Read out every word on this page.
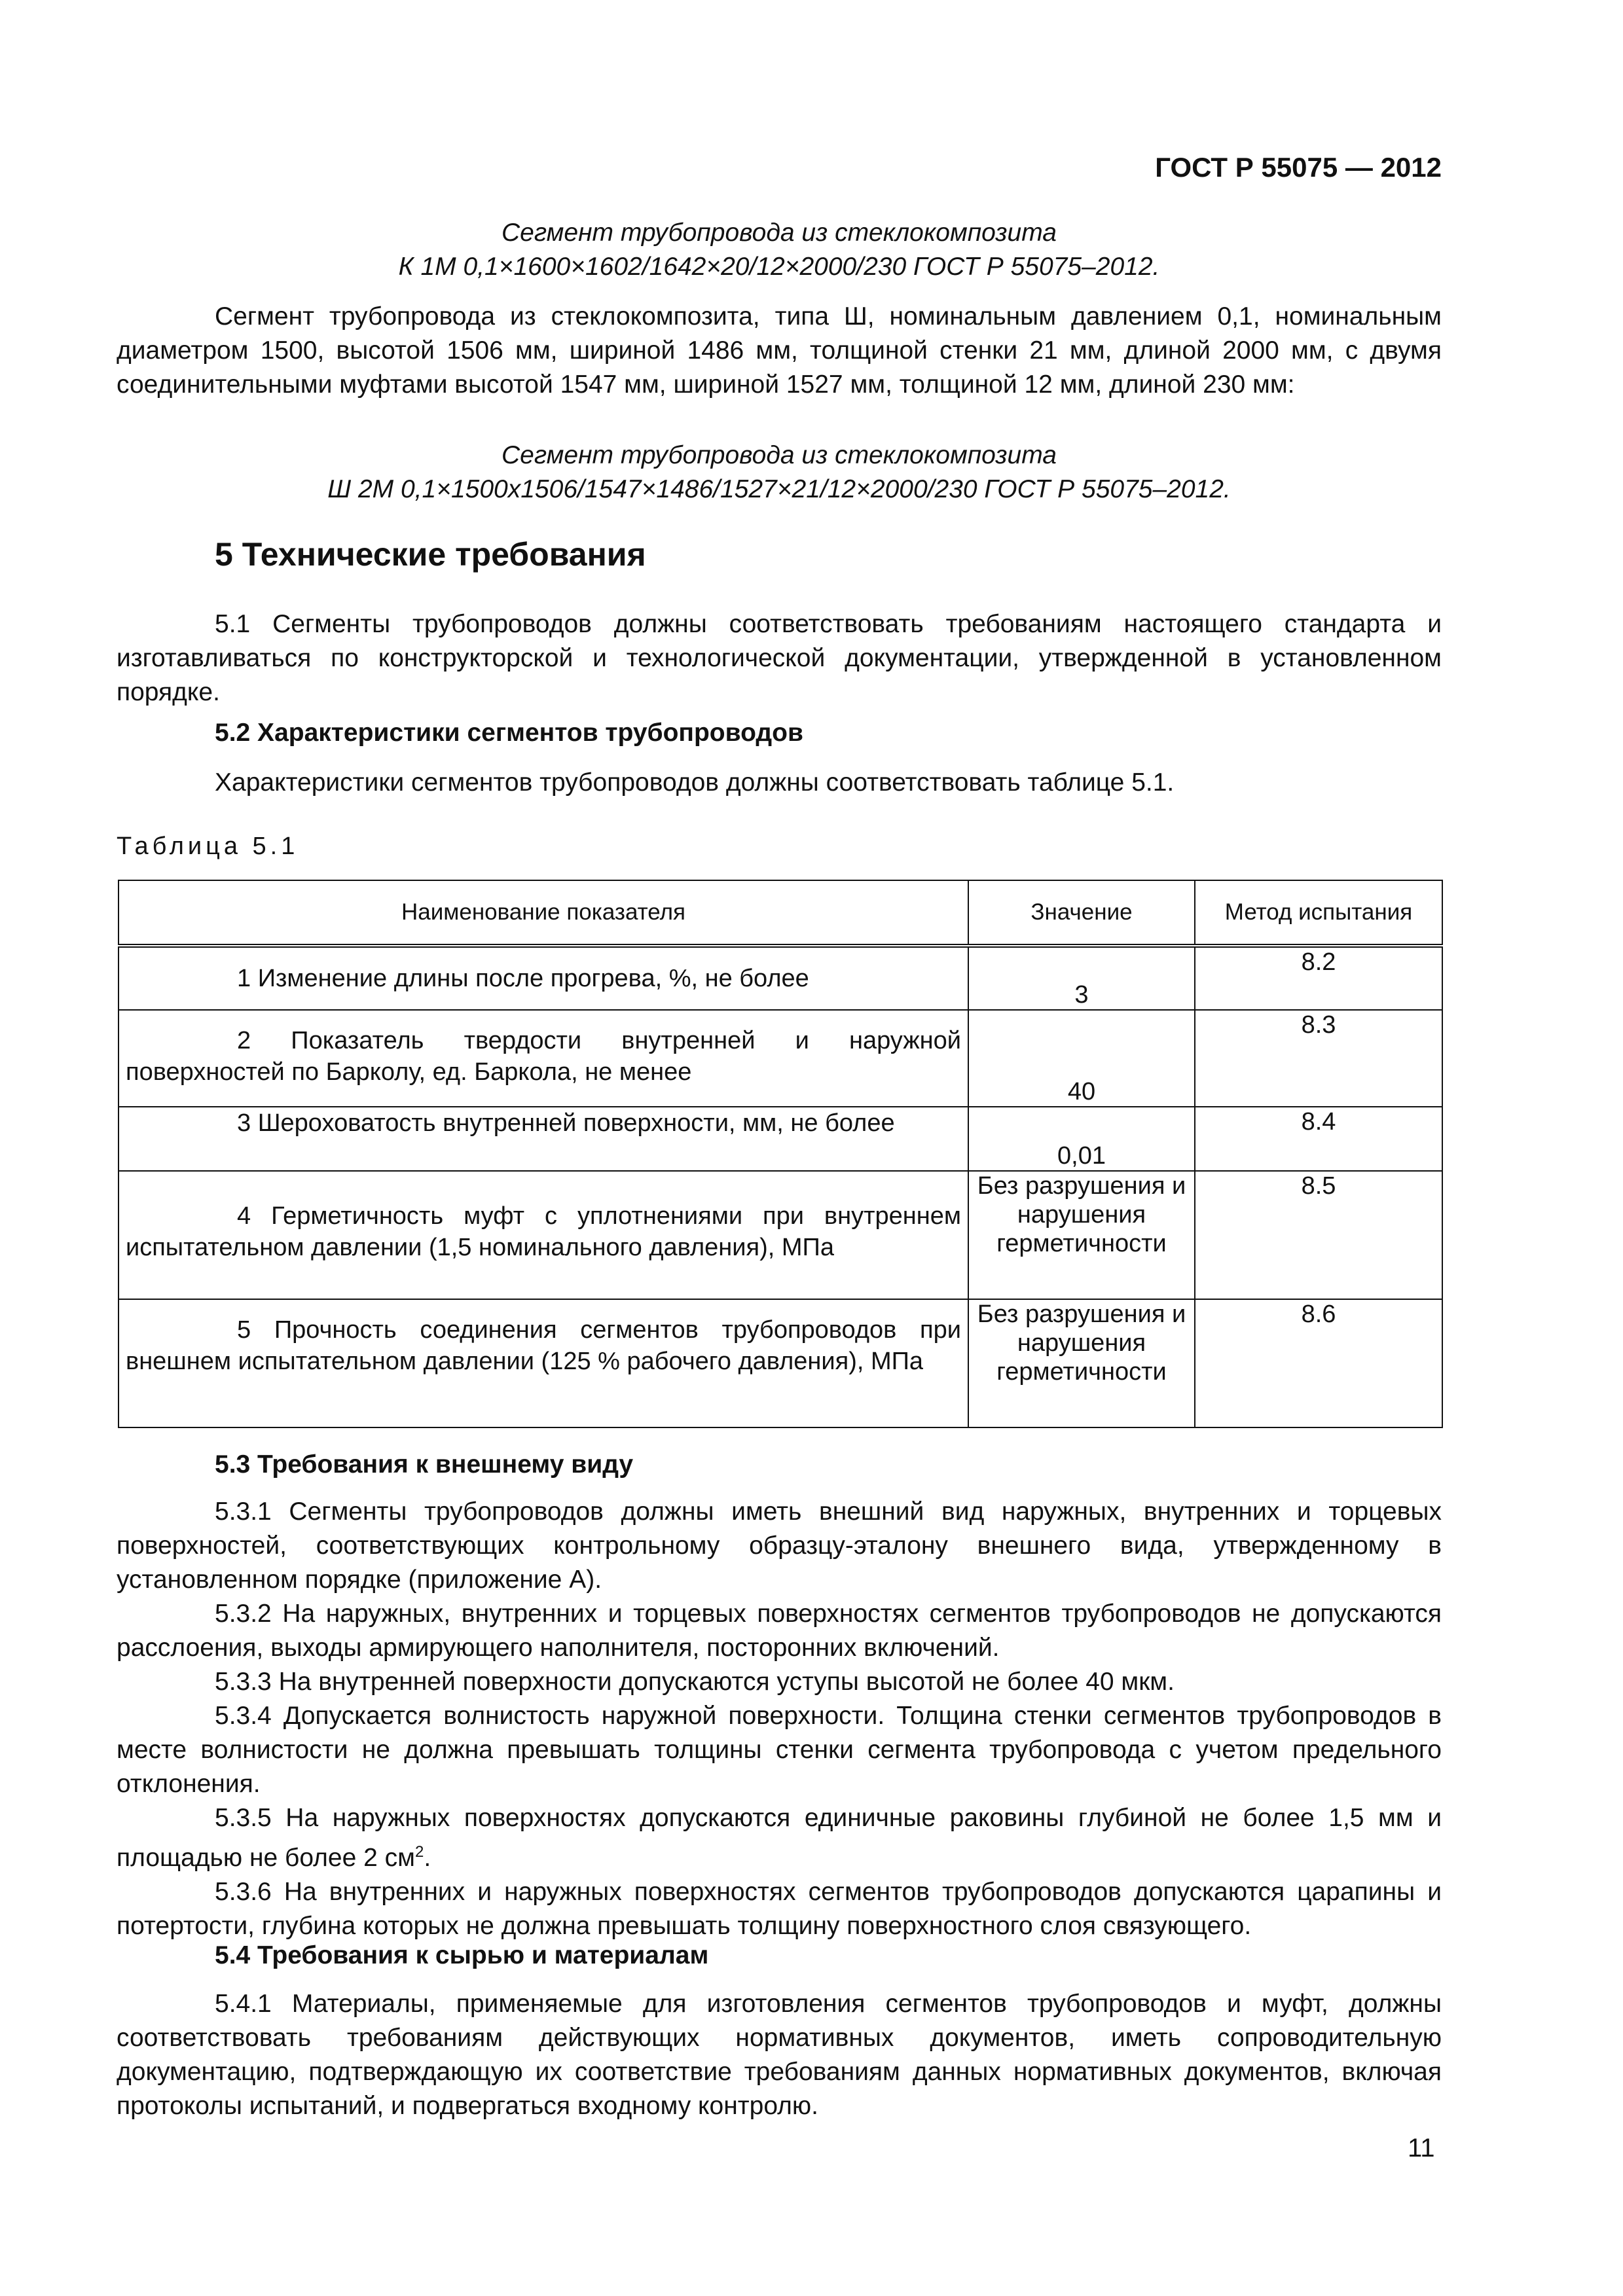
ГОСТ Р 55075 — 2012
Сегмент трубопровода из стеклокомпозита
К 1М 0,1×1600×1602/1642×20/12×2000/230 ГОСТ Р 55075–2012.

Сегмент трубопровода из стеклокомпозита, типа Ш, номинальным давлением 0,1, номинальным диаметром 1500, высотой 1506 мм, шириной 1486 мм, толщиной стенки 21 мм, длиной 2000 мм, с двумя соединительными муфтами высотой 1547 мм, шириной 1527 мм, толщиной 12 мм, длиной 230 мм:

Сегмент трубопровода из стеклокомпозита
Ш 2М 0,1×1500х1506/1547×1486/1527×21/12×2000/230 ГОСТ Р 55075–2012.
5 Технические требования

5.1 Сегменты трубопроводов должны соответствовать требованиям настоящего стандарта и изготавливаться по конструкторской и технологической документации, утвержденной в установленном порядке.

5.2 Характеристики сегментов трубопроводов

Характеристики сегментов трубопроводов должны соответствовать таблице 5.1.

Таблица 5.1
Наименование показателя	Значение	Метод испытания
1 Изменение длины после прогрева, %, не более	3	8.2
2 Показатель твердости внутренней и наружной поверхностей по Барколу, ед. Баркола, не менее	40	8.3
3 Шероховатость внутренней поверхности, мм, не более	0,01	8.4
4 Герметичность муфт с уплотнениями при внутреннем испытательном давлении (1,5 номинального давления), МПа	Без разрушения и нарушения герметичности	8.5
5 Прочность соединения сегментов трубопроводов при внешнем испытательном давлении (125 % рабочего давления), МПа	Без разрушения и нарушения герметичности	8.6
5.3 Требования к внешнему виду

5.3.1 Сегменты трубопроводов должны иметь внешний вид наружных, внутренних и торцевых поверхностей, соответствующих контрольному образцу-эталону внешнего вида, утвержденному в установленном порядке (приложение А).

5.3.2 На наружных, внутренних и торцевых поверхностях сегментов трубопроводов не допускаются расслоения, выходы армирующего наполнителя, посторонних включений.

5.3.3 На внутренней поверхности допускаются уступы высотой не более 40 мкм.

5.3.4 Допускается волнистость наружной поверхности. Толщина стенки сегментов трубопроводов в месте волнистости не должна превышать толщины стенки сегмента трубопровода с учетом предельного отклонения.

5.3.5 На наружных поверхностях допускаются единичные раковины глубиной не более 1,5 мм и площадью не более 2 $см^2$.

5.3.6 На внутренних и наружных поверхностях сегментов трубопроводов допускаются царапины и потертости, глубина которых не должна превышать толщину поверхностного слоя связующего.

5.4 Требования к сырью и материалам

5.4.1 Материалы, применяемые для изготовления сегментов трубопроводов и муфт, должны соответствовать требованиям действующих нормативных документов, иметь сопроводительную документацию, подтверждающую их соответствие требованиям данных нормативных документов, включая протоколы испытаний, и подвергаться входному контролю.

11
